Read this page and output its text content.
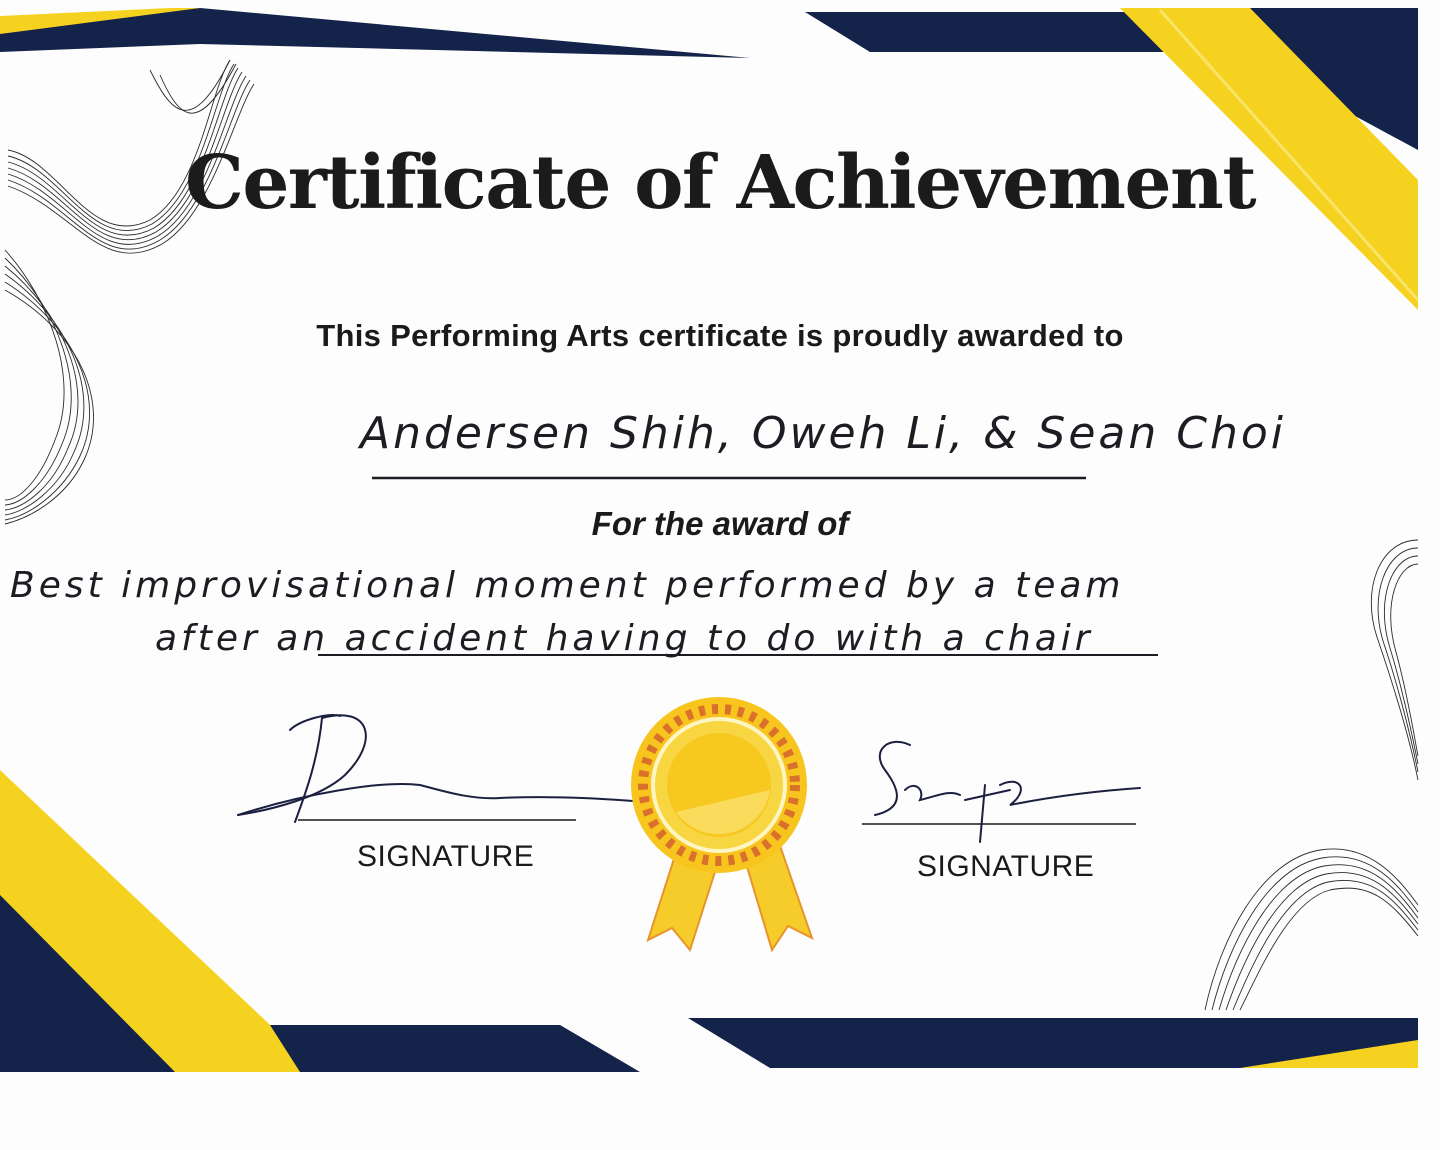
Certificate of Achievement
This Performing Arts certificate is proudly awarded to
Andersen Shih, Oweh Li, & Sean Choi
For the award of
Best improvisational moment performed by a team
after an accident having to do with a chair
SIGNATURE	SIGNATURE
